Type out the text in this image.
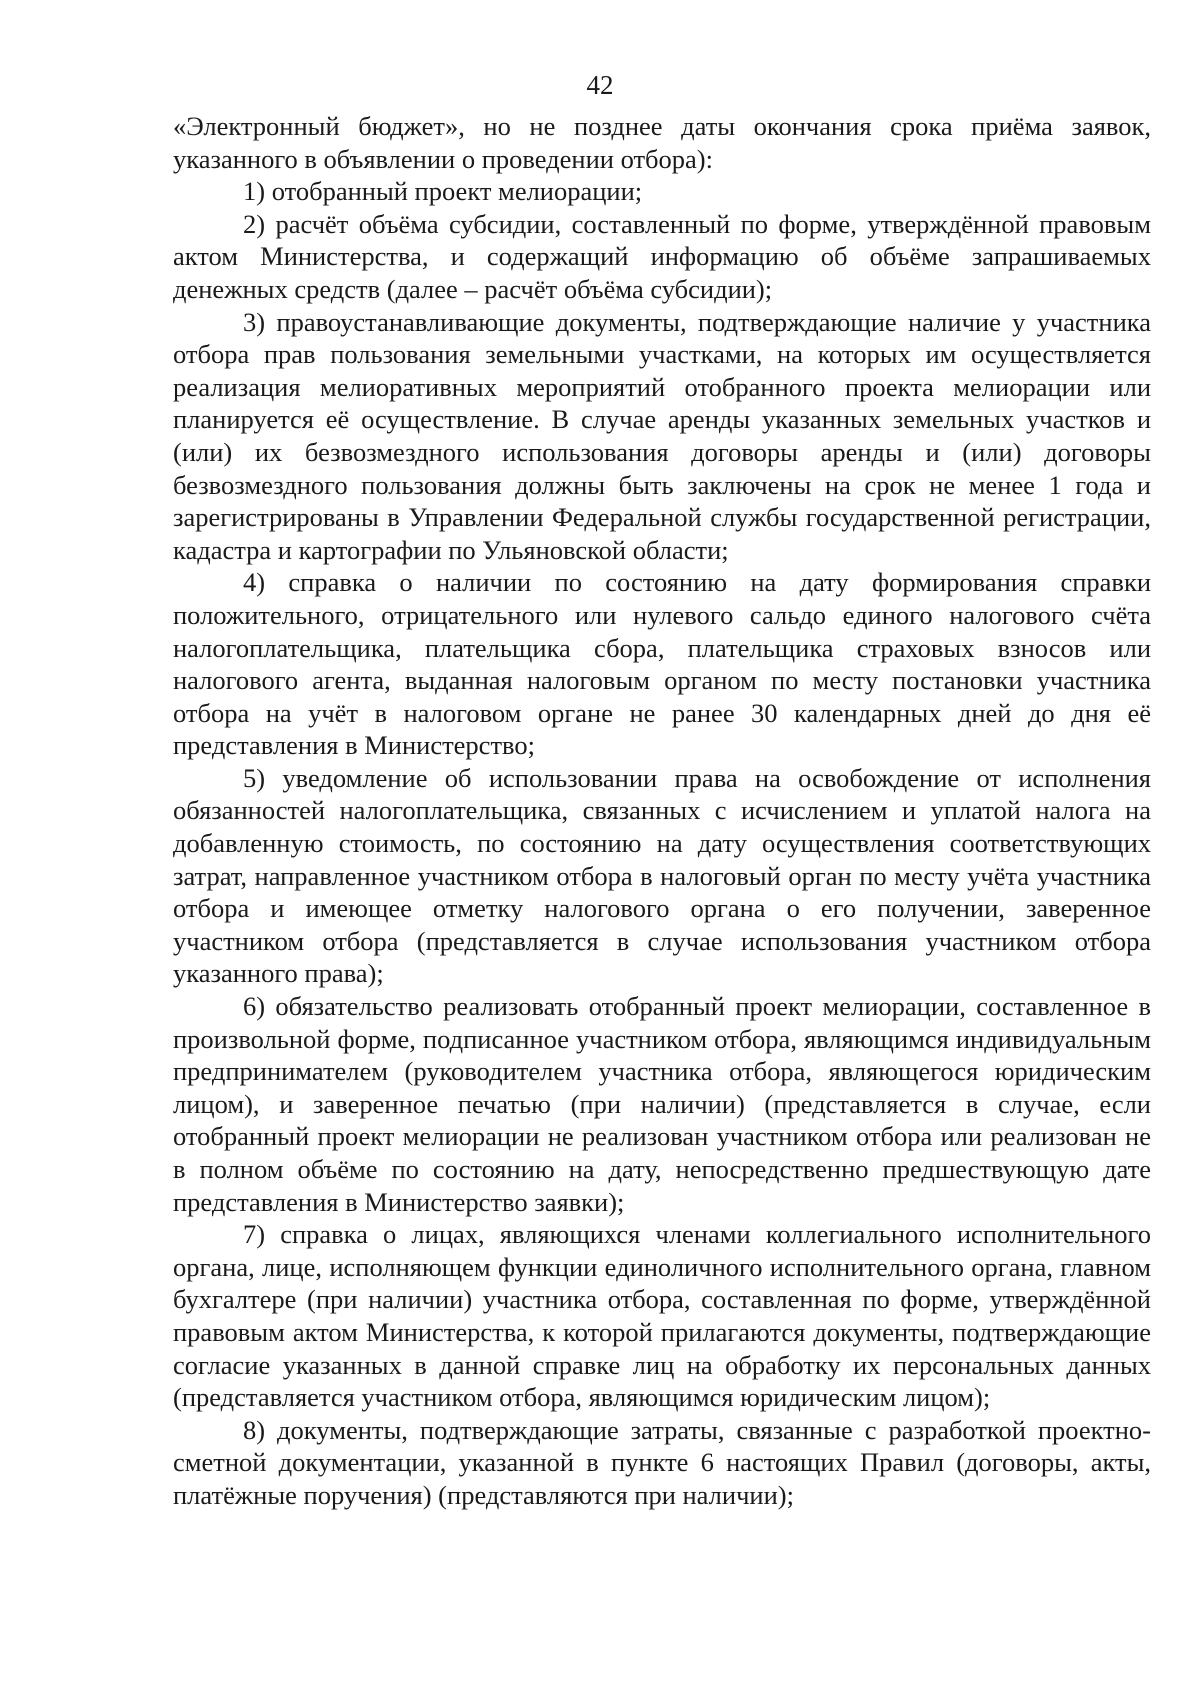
42

«Электронный бюджет», но не позднее даты окончания срока приёма заявок, указанного в объявлении о проведении отбора):

1) отобранный проект мелиорации;

2) расчёт объёма субсидии, составленный по форме, утверждённой правовым актом Министерства, и содержащий информацию об объёме запрашиваемых денежных средств (далее – расчёт объёма субсидии);

3) правоустанавливающие документы, подтверждающие наличие у участника отбора прав пользования земельными участками, на которых им осуществляется реализация мелиоративных мероприятий отобранного проекта мелиорации или планируется её осуществление. В случае аренды указанных земельных участков и (или) их безвозмездного использования договоры аренды и (или) договоры безвозмездного пользования должны быть заключены на срок не менее 1 года и зарегистрированы в Управлении Федеральной службы государственной регистрации, кадастра и картографии по Ульяновской области;

4) справка о наличии по состоянию на дату формирования справки положительного, отрицательного или нулевого сальдо единого налогового счёта налогоплательщика, плательщика сбора, плательщика страховых взносов или налогового агента, выданная налоговым органом по месту постановки участника отбора на учёт в налоговом органе не ранее 30 календарных дней до дня её представления в Министерство;

5) уведомление об использовании права на освобождение от исполнения обязанностей налогоплательщика, связанных с исчислением и уплатой налога на добавленную стоимость, по состоянию на дату осуществления соответствующих затрат, направленное участником отбора в налоговый орган по месту учёта участника отбора и имеющее отметку налогового органа о его получении, заверенное участником отбора (представляется в случае использования участником отбора указанного права);

6) обязательство реализовать отобранный проект мелиорации, составленное в произвольной форме, подписанное участником отбора, являющимся индивидуальным предпринимателем (руководителем участника отбора, являющегося юридическим лицом), и заверенное печатью (при наличии) (представляется в случае, если отобранный проект мелиорации не реализован участником отбора или реализован не в полном объёме по состоянию на дату, непосредственно предшествующую дате представления в Министерство заявки);

7) справка о лицах, являющихся членами коллегиального исполнительного органа, лице, исполняющем функции единоличного исполнительного органа, главном бухгалтере (при наличии) участника отбора, составленная по форме, утверждённой правовым актом Министерства, к которой прилагаются документы, подтверждающие согласие указанных в данной справке лиц на обработку их персональных данных (представляется участником отбора, являющимся юридическим лицом);

8) документы, подтверждающие затраты, связанные с разработкой проектно-сметной документации, указанной в пункте 6 настоящих Правил (договоры, акты, платёжные поручения) (представляются при наличии);
